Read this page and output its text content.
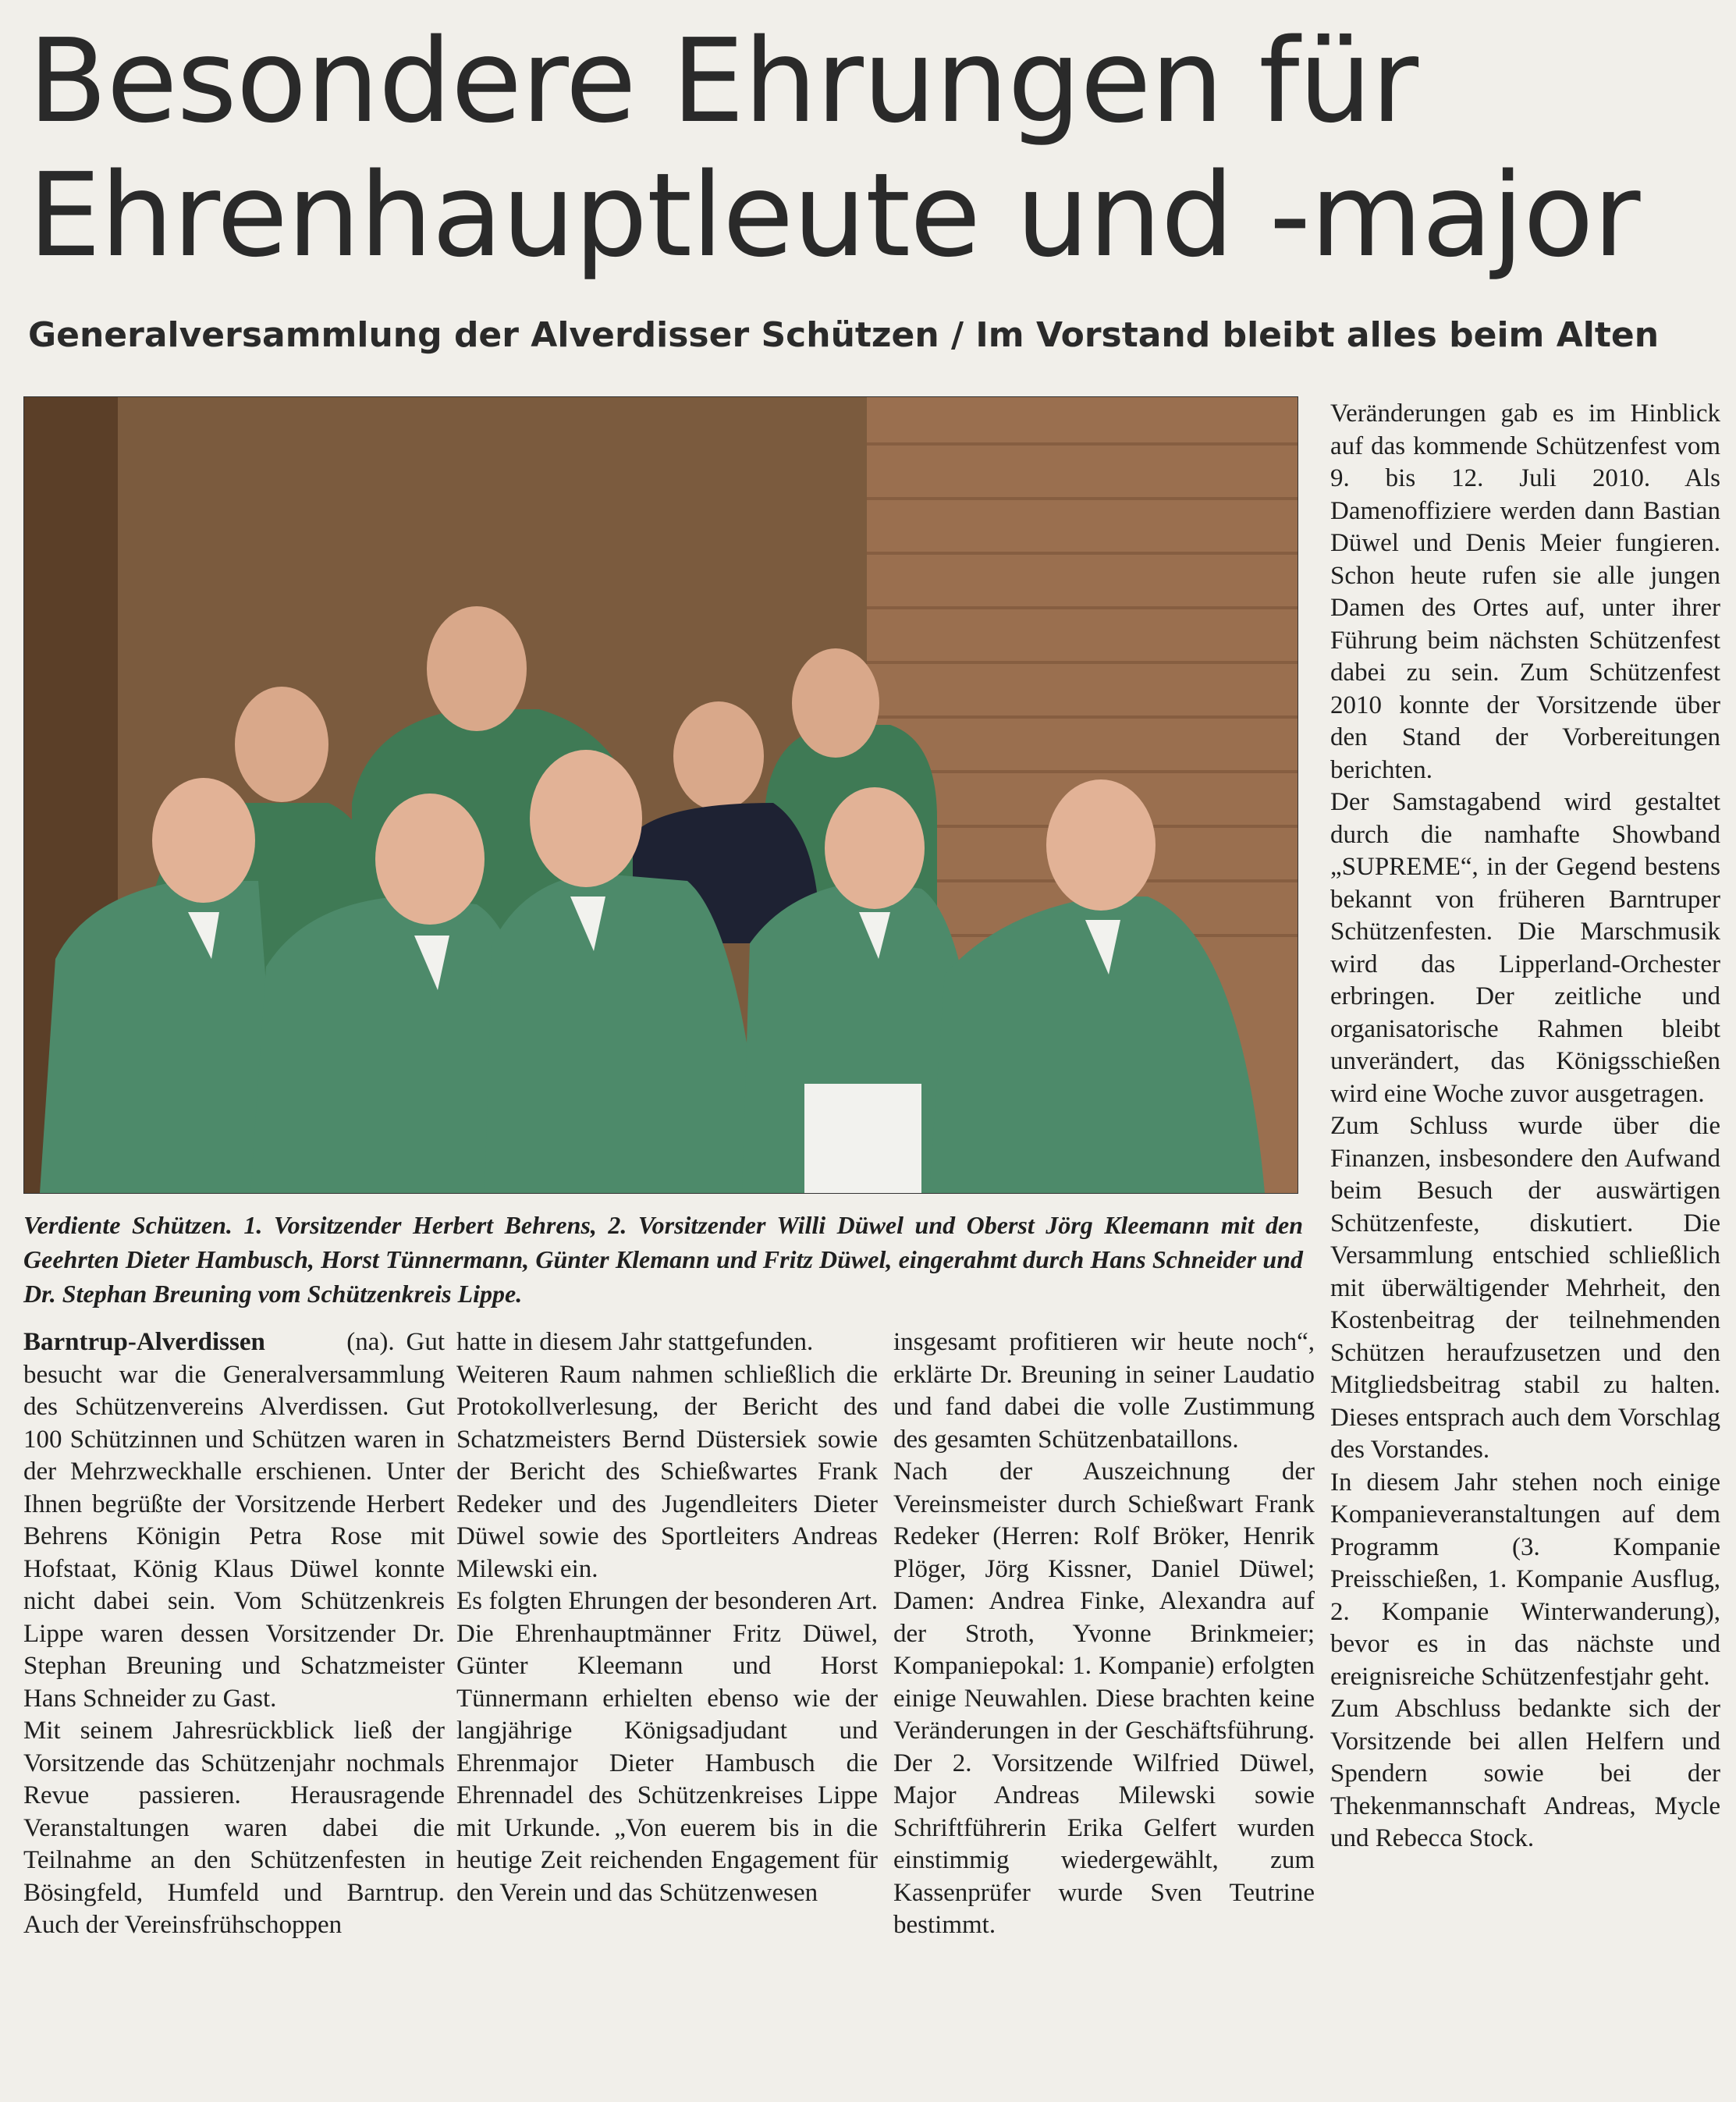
Besondere Ehrungen für
Ehrenhauptleute und -major
Generalversammlung der Alverdisser Schützen / Im Vorstand bleibt alles beim Alten

Verdiente Schützen. 1. Vorsitzender Herbert Behrens, 2. Vorsitzender Willi Düwel und Oberst Jörg Kleemann mit den Geehrten Dieter Hambusch, Horst Tünnermann, Günter Klemann und Fritz Düwel, eingerahmt durch Hans Schneider und Dr. Stephan Breuning vom Schützenkreis Lippe.

Barntrup-Alverdissen	(na). Gut besucht war die Generalversammlung des Schützenvereins Alverdissen. Gut 100 Schützinnen und Schützen waren in der Mehrzweckhalle erschienen. Unter Ihnen begrüßte der Vorsitzende Herbert Behrens Königin Petra Rose mit Hofstaat, König Klaus Düwel konnte nicht dabei sein. Vom Schützenkreis Lippe waren dessen Vorsitzender Dr. Stephan Breuning und Schatzmeister Hans Schneider zu Gast.

Mit seinem Jahresrückblick ließ der Vorsitzende das Schützenjahr nochmals Revue passieren. Herausragende Veranstaltungen waren dabei die Teilnahme an den Schützenfesten in Bösingfeld, Humfeld und Barntrup. Auch der Vereinsfrühschoppen

hatte in diesem Jahr stattgefunden.

Weiteren Raum nahmen schließlich die Protokollverlesung, der Bericht des Schatzmeisters Bernd Düstersiek sowie der Bericht des Schießwartes Frank Redeker und des Jugendleiters Dieter Düwel sowie des Sportleiters Andreas Milewski ein.

Es folgten Ehrungen der besonderen Art. Die Ehrenhauptmänner Fritz Düwel, Günter Kleemann und Horst Tünnermann erhielten ebenso wie der langjährige Königsadjudant und Ehrenmajor Dieter Hambusch die Ehrennadel des Schützenkreises Lippe mit Urkunde. „Von euerem bis in die heutige Zeit reichenden Engagement für den Verein und das Schützenwesen

insgesamt profitieren wir heute noch“, erklärte Dr. Breuning in seiner Laudatio und fand dabei die volle Zustimmung des gesamten Schützenbataillons.

Nach der Auszeichnung der Vereinsmeister durch Schießwart Frank Redeker (Herren: Rolf Bröker, Henrik Plöger, Jörg Kissner, Daniel Düwel; Damen: Andrea Finke, Alexandra auf der Stroth, Yvonne Brinkmeier; Kompaniepokal: 1. Kompanie) erfolgten einige Neuwahlen. Diese brachten keine Veränderungen in der Geschäftsführung. Der 2. Vorsitzende Wilfried Düwel, Major Andreas Milewski sowie Schriftführerin Erika Gelfert wurden einstimmig wiedergewählt, zum Kassenprüfer wurde Sven Teutrine bestimmt.

Veränderungen gab es im Hinblick auf das kommende Schützenfest vom 9. bis 12. Juli 2010. Als Damenoffiziere werden dann Bastian Düwel und Denis Meier fungieren. Schon heute rufen sie alle jungen Damen des Ortes auf, unter ihrer Führung beim nächsten Schützenfest dabei zu sein. Zum Schützenfest 2010 konnte der Vorsitzende über den Stand der Vorbereitungen berichten.

Der Samstagabend wird gestaltet durch die namhafte Showband „SUPREME“, in der Gegend bestens bekannt von früheren Barntruper Schützenfesten. Die Marschmusik wird das Lipperland-Orchester erbringen. Der zeitliche und organisatorische Rahmen bleibt unverändert, das Königsschießen wird eine Woche zuvor ausgetragen.

Zum Schluss wurde über die Finanzen, insbesondere den Aufwand beim Besuch der auswärtigen Schützenfeste, diskutiert. Die Versammlung entschied schließlich mit überwältigender Mehrheit, den Kostenbeitrag der teilnehmenden Schützen heraufzusetzen und den Mitgliedsbeitrag stabil zu halten. Dieses entsprach auch dem Vorschlag des Vorstandes.

In diesem Jahr stehen noch einige Kompanieveranstaltungen auf dem Programm (3. Kompanie Preisschießen, 1. Kompanie Ausflug, 2. Kompanie Winterwanderung), bevor es in das nächste und ereignisreiche Schützenfestjahr geht.

Zum Abschluss bedankte sich der Vorsitzende bei allen Helfern und Spendern sowie bei der Thekenmannschaft Andreas, Mycle und Rebecca Stock.
